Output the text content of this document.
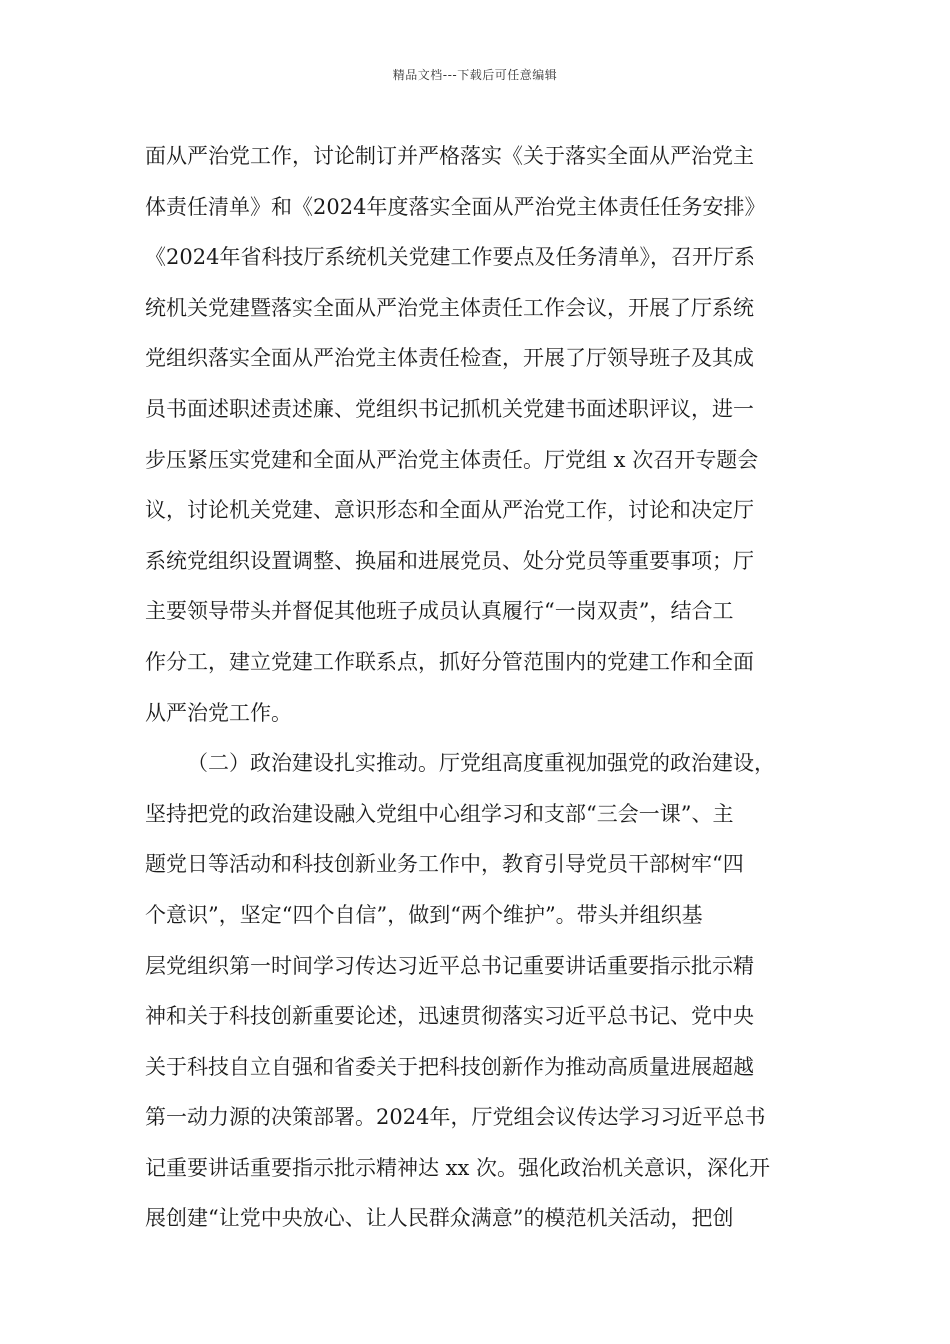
精品文档---下载后可任意编辑
面从严治党工作，讨论制订并严格落实《关于落实全面从严治党主
体责任清单》和《2024年度落实全面从严治党主体责任任务安排》
《2024年省科技厅系统机关党建工作要点及任务清单》，召开厅系
统机关党建暨落实全面从严治党主体责任工作会议，开展了厅系统
党组织落实全面从严治党主体责任检查，开展了厅领导班子及其成
员书面述职述责述廉、党组织书记抓机关党建书面述职评议，进一
步压紧压实党建和全面从严治党主体责任。厅党组 x 次召开专题会
议，讨论机关党建、意识形态和全面从严治党工作，讨论和决定厅
系统党组织设置调整、换届和进展党员、处分党员等重要事项；厅
主要领导带头并督促其他班子成员认真履行“一岗双责”，结合工
作分工，建立党建工作联系点，抓好分管范围内的党建工作和全面
从严治党工作。
（二）政治建设扎实推动。厅党组高度重视加强党的政治建设，
坚持把党的政治建设融入党组中心组学习和支部“三会一课”、主
题党日等活动和科技创新业务工作中，教育引导党员干部树牢“四
个意识”，坚定“四个自信”，做到“两个维护”。带头并组织基
层党组织第一时间学习传达习近平总书记重要讲话重要指示批示精
神和关于科技创新重要论述，迅速贯彻落实习近平总书记、党中央
关于科技自立自强和省委关于把科技创新作为推动高质量进展超越
第一动力源的决策部署。2024年，厅党组会议传达学习习近平总书
记重要讲话重要指示批示精神达 xx 次。强化政治机关意识，深化开
展创建“让党中央放心、让人民群众满意”的模范机关活动，把创
